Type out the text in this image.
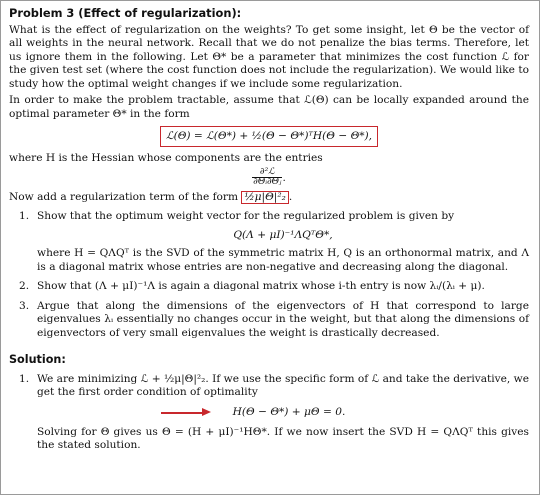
Problem 3 (Effect of regularization):

What is the effect of regularization on the weights? To get some insight, let Θ be the vector of all weights in the neural network. Recall that we do not penalize the bias terms. Therefore, let us ignore them in the following. Let Θ* be a parameter that minimizes the cost function ℒ for the given test set (where the cost function does not include the regularization). We would like to study how the optimal weight changes if we include some regularization.

In order to make the problem tractable, assume that ℒ(Θ) can be locally expanded around the optimal parameter Θ* in the form

ℒ(Θ) = ℒ(Θ*) + ½(Θ − Θ*)ᵀH(Θ − Θ*),

where H is the Hessian whose components are the entries

$\frac{\text{∂²ℒ}}{\text{∂Θᵢ∂Θⱼ}}$ .

Now add a regularization term of the form ½μ|Θ|²₂ .

1. Show that the optimum weight vector for the regularized problem is given by
Q(Λ + μI)⁻¹ΛQᵀΘ*,
where H = QΛQᵀ is the SVD of the symmetric matrix H, Q is an orthonormal matrix, and Λ is a diagonal matrix whose entries are non-negative and decreasing along the diagonal.
2. Show that (Λ + μI)⁻¹Λ is again a diagonal matrix whose i-th entry is now λᵢ/(λᵢ + μ).
3. Argue that along the dimensions of the eigenvectors of H that correspond to large eigenvalues λᵢ essentially no changes occur in the weight, but that along the dimensions of eigenvectors of very small eigenvalues the weight is drastically decreased.
Solution:
1. We are minimizing ℒ + ½μ|Θ|²₂. If we use the specific form of ℒ and take the derivative, we get the first order condition of optimality
H(Θ − Θ*) + μΘ = 0.
Solving for Θ gives us Θ = (H + μI)⁻¹HΘ*. If we now insert the SVD H = QΛQᵀ this gives the stated solution.
